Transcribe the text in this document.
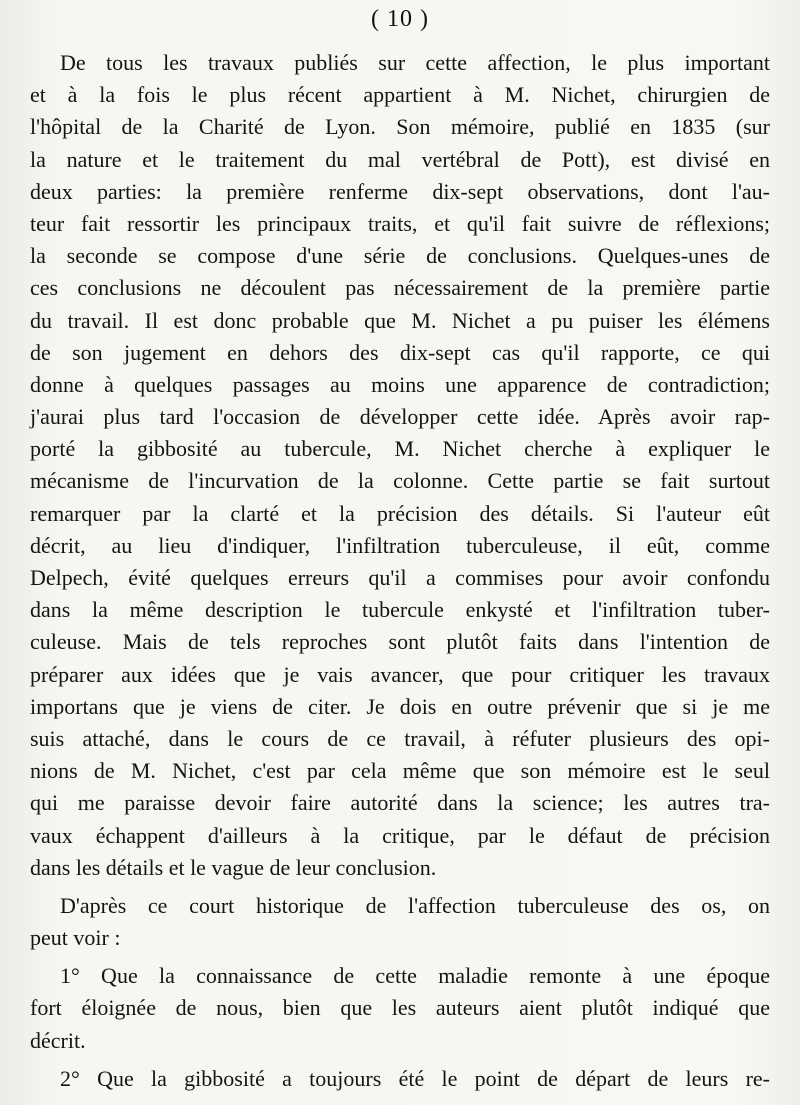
( 10 )
De tous les travaux publiés sur cette affection, le plus important
et à la fois le plus récent appartient à M. Nichet, chirurgien de
l'hôpital de la Charité de Lyon. Son mémoire, publié en 1835 (sur
la nature et le traitement du mal vertébral de Pott), est divisé en
deux parties: la première renferme dix-sept observations, dont l'au-
teur fait ressortir les principaux traits, et qu'il fait suivre de réflexions;
la seconde se compose d'une série de conclusions. Quelques-unes de
ces conclusions ne découlent pas nécessairement de la première partie
du travail. Il est donc probable que M. Nichet a pu puiser les élémens
de son jugement en dehors des dix-sept cas qu'il rapporte, ce qui
donne à quelques passages au moins une apparence de contradiction;
j'aurai plus tard l'occasion de développer cette idée. Après avoir rap-
porté la gibbosité au tubercule, M. Nichet cherche à expliquer le
mécanisme de l'incurvation de la colonne. Cette partie se fait surtout
remarquer par la clarté et la précision des détails. Si l'auteur eût
décrit, au lieu d'indiquer, l'infiltration tuberculeuse, il eût, comme
Delpech, évité quelques erreurs qu'il a commises pour avoir confondu
dans la même description le tubercule enkysté et l'infiltration tuber-
culeuse. Mais de tels reproches sont plutôt faits dans l'intention de
préparer aux idées que je vais avancer, que pour critiquer les travaux
importans que je viens de citer. Je dois en outre prévenir que si je me
suis attaché, dans le cours de ce travail, à réfuter plusieurs des opi-
nions de M. Nichet, c'est par cela même que son mémoire est le seul
qui me paraisse devoir faire autorité dans la science; les autres tra-
vaux échappent d'ailleurs à la critique, par le défaut de précision
dans les détails et le vague de leur conclusion.
D'après ce court historique de l'affection tuberculeuse des os, on
peut voir :
1° Que la connaissance de cette maladie remonte à une époque
fort éloignée de nous, bien que les auteurs aient plutôt indiqué que
décrit.
2° Que la gibbosité a toujours été le point de départ de leurs re-
